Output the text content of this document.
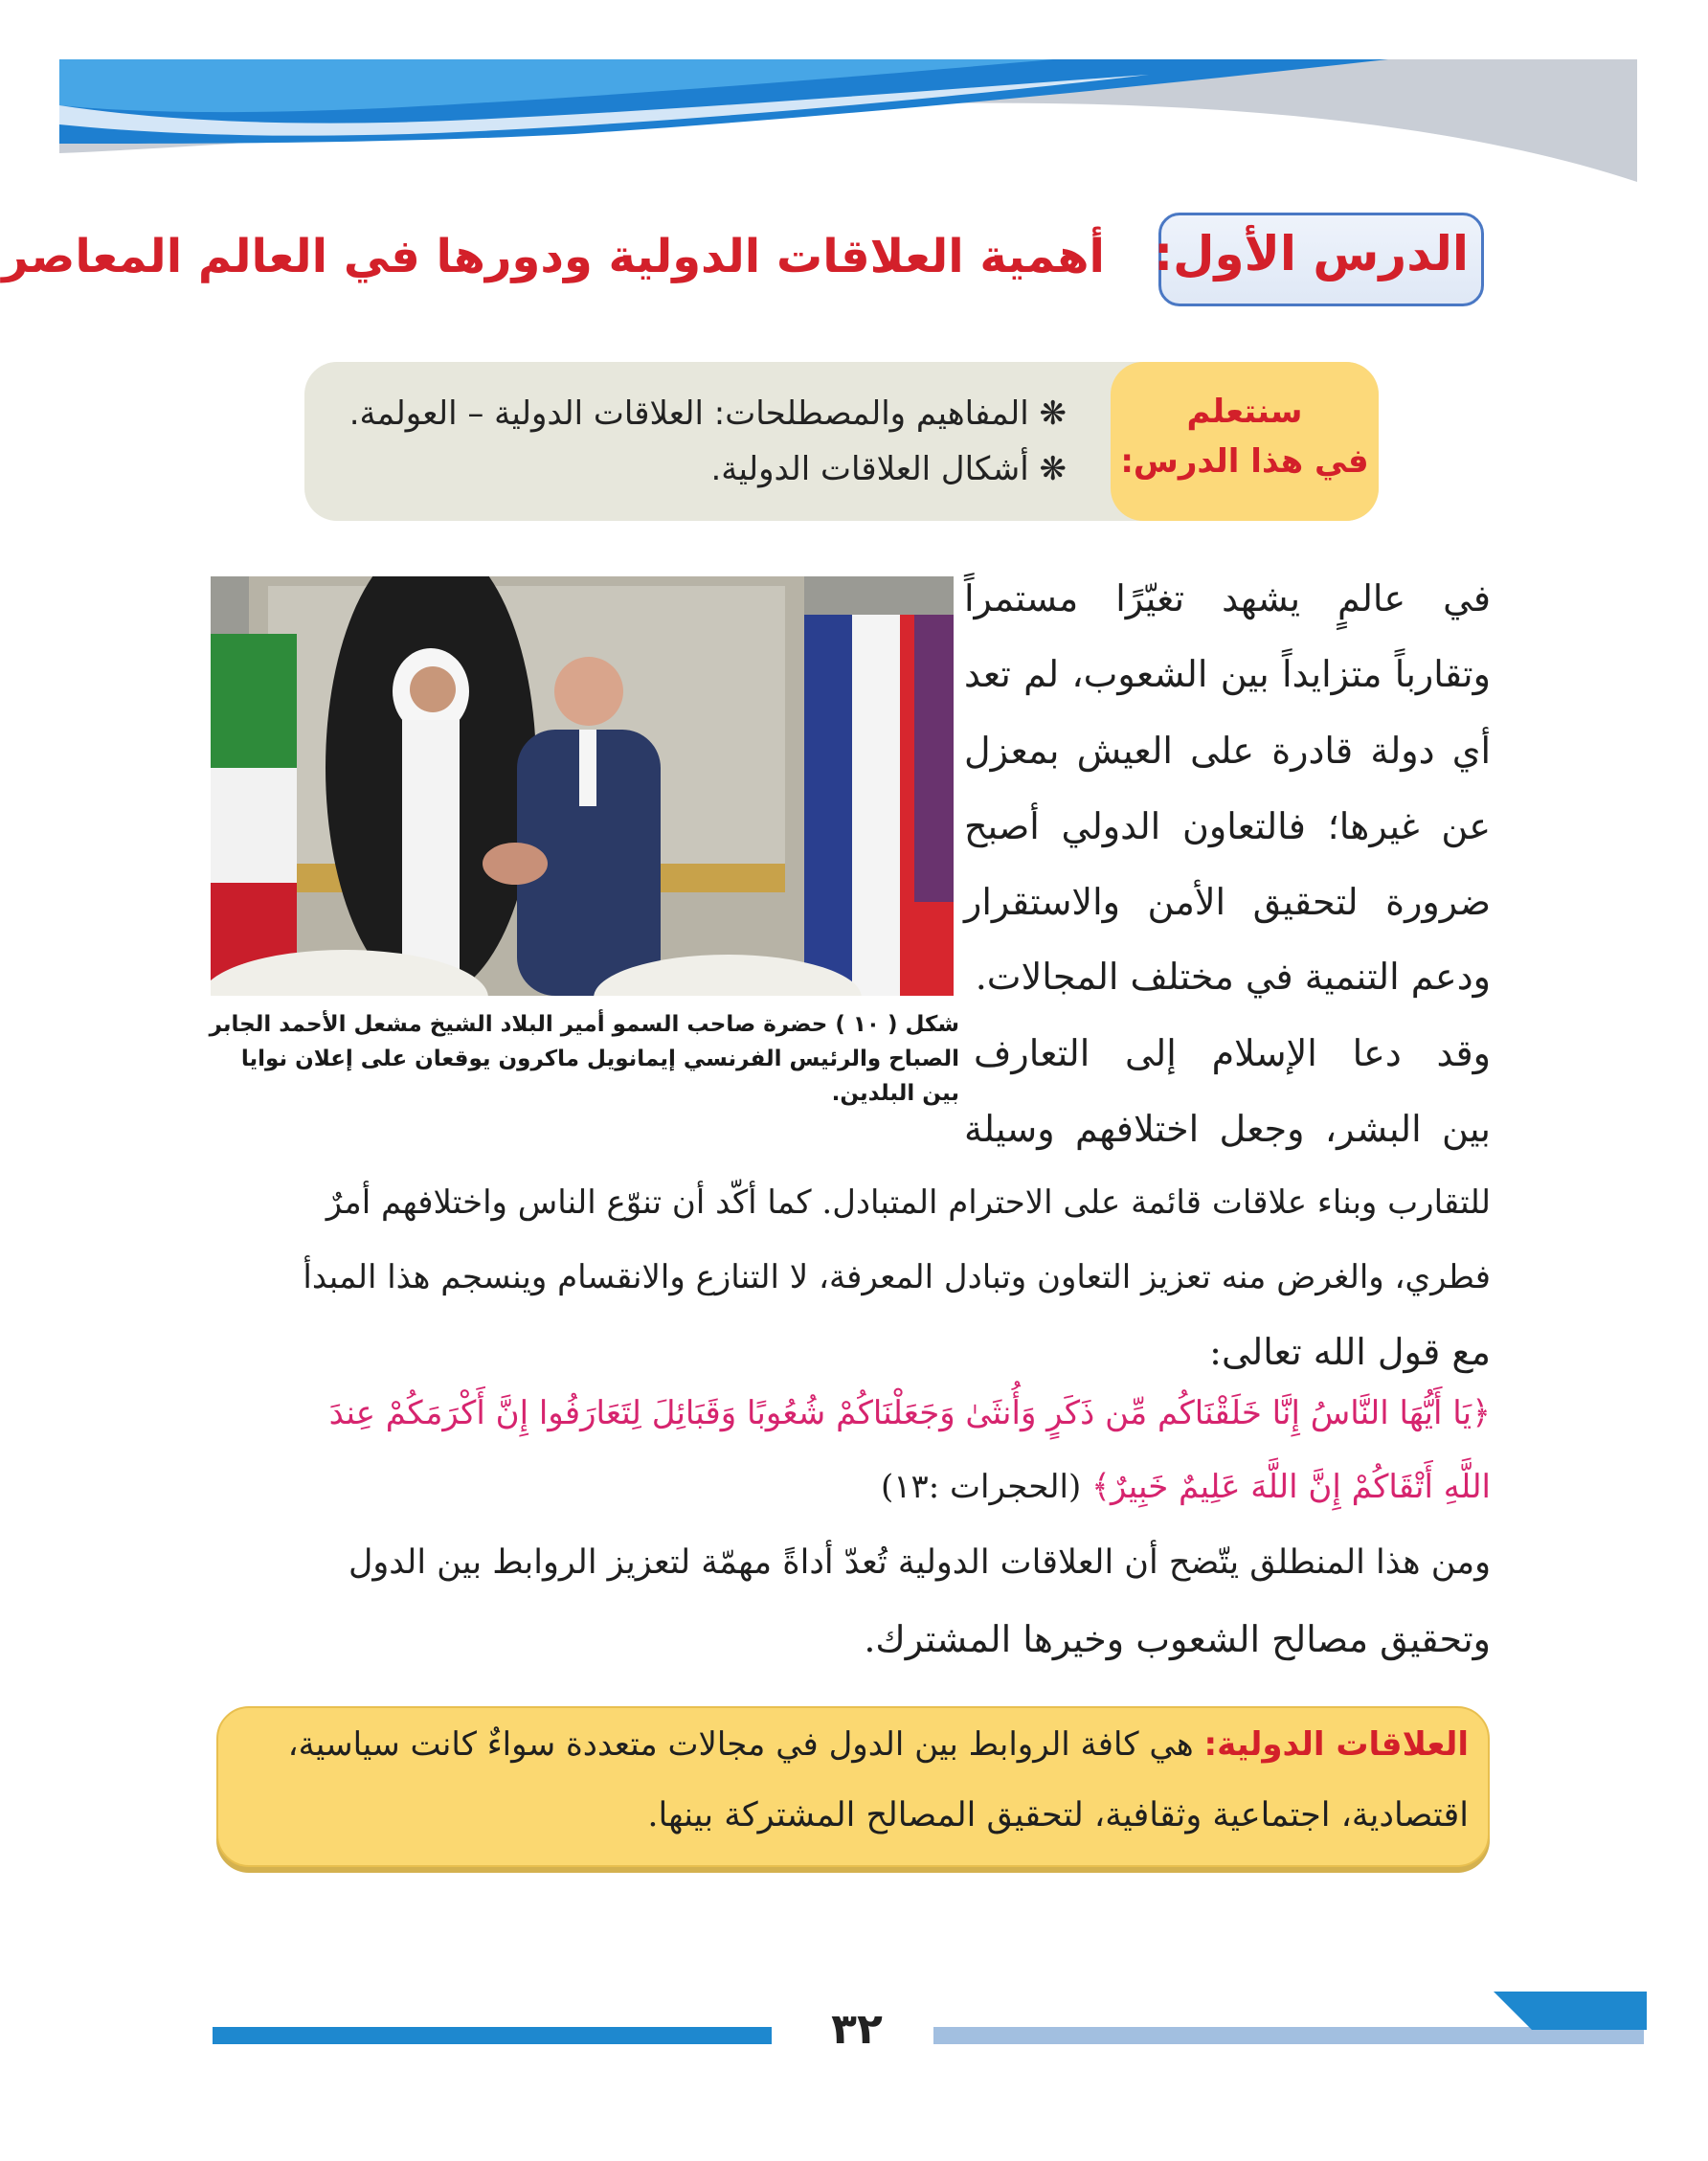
الدرس الأول:
أهمية العلاقات الدولية ودورها في العالم المعاصر
سنتعلم
في هذا الدرس:
❋ المفاهيم والمصطلحات: العلاقات الدولية – العولمة.
❋ أشكال العلاقات الدولية.
شكل ( ١٠ ) حضرة صاحب السمو أمير البلاد الشيخ مشعل الأحمد الجابر
الصباح والرئيس الفرنسي إيمانويل ماكرون يوقعان على إعلان نوايا بين البلدين.
في عالمٍ يشهد تغيّرًا مستمراً
وتقارباً متزايداً بين الشعوب، لم تعد
أي دولة قادرة على العيش بمعزل
عن غيرها؛ فالتعاون الدولي أصبح
ضرورة لتحقيق الأمن والاستقرار
ودعم التنمية في مختلف المجالات.
وقد دعا الإسلام إلى التعارف
بين البشر، وجعل اختلافهم وسيلة
للتقارب وبناء علاقات قائمة على الاحترام المتبادل. كما أكّد أن تنوّع الناس واختلافهم أمرٌ
فطري، والغرض منه تعزيز التعاون وتبادل المعرفة، لا التنازع والانقسام وينسجم هذا المبدأ
مع قول الله تعالى:
﴿يَا أَيُّهَا النَّاسُ إِنَّا خَلَقْنَاكُم مِّن ذَكَرٍ وَأُنثَىٰ وَجَعَلْنَاكُمْ شُعُوبًا وَقَبَائِلَ لِتَعَارَفُوا إِنَّ أَكْرَمَكُمْ عِندَ
اللَّهِ أَتْقَاكُمْ إِنَّ اللَّهَ عَلِيمٌ خَبِيرٌ﴾ (الحجرات :١٣)
ومن هذا المنطلق يتّضح أن العلاقات الدولية تُعدّ أداةً مهمّة لتعزيز الروابط بين الدول
وتحقيق مصالح الشعوب وخيرها المشترك.
العلاقات الدولية: هي كافة الروابط بين الدول في مجالات متعددة سواءٌ كانت سياسية،
اقتصادية، اجتماعية وثقافية، لتحقيق المصالح المشتركة بينها.
٣٢
